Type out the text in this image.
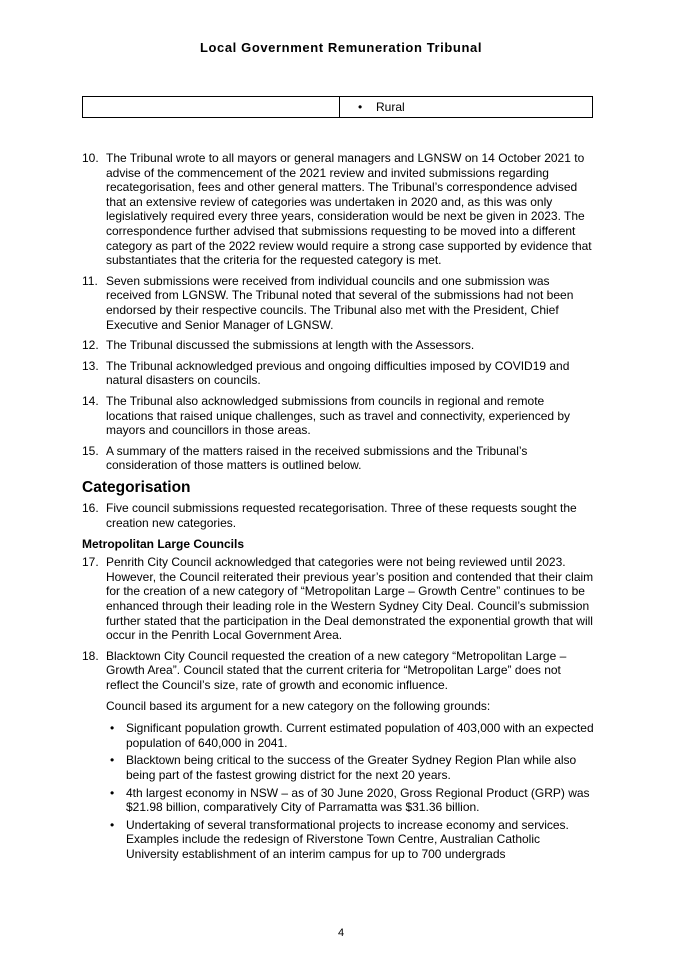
Local Government Remuneration Tribunal
• Rural
10. The Tribunal wrote to all mayors or general managers and LGNSW on 14 October 2021 to advise of the commencement of the 2021 review and invited submissions regarding recategorisation, fees and other general matters. The Tribunal’s correspondence advised that an extensive review of categories was undertaken in 2020 and, as this was only legislatively required every three years, consideration would be next be given in 2023. The correspondence further advised that submissions requesting to be moved into a different category as part of the 2022 review would require a strong case supported by evidence that substantiates that the criteria for the requested category is met.
11. Seven submissions were received from individual councils and one submission was received from LGNSW. The Tribunal noted that several of the submissions had not been endorsed by their respective councils. The Tribunal also met with the President, Chief Executive and Senior Manager of LGNSW.
12. The Tribunal discussed the submissions at length with the Assessors.
13. The Tribunal acknowledged previous and ongoing difficulties imposed by COVID19 and natural disasters on councils.
14. The Tribunal also acknowledged submissions from councils in regional and remote locations that raised unique challenges, such as travel and connectivity, experienced by mayors and councillors in those areas.
15. A summary of the matters raised in the received submissions and the Tribunal’s consideration of those matters is outlined below.
Categorisation
16. Five council submissions requested recategorisation. Three of these requests sought the creation new categories.
Metropolitan Large Councils
17. Penrith City Council acknowledged that categories were not being reviewed until 2023. However, the Council reiterated their previous year’s position and contended that their claim for the creation of a new category of “Metropolitan Large – Growth Centre” continues to be enhanced through their leading role in the Western Sydney City Deal. Council’s submission further stated that the participation in the Deal demonstrated the exponential growth that will occur in the Penrith Local Government Area.
18. Blacktown City Council requested the creation of a new category “Metropolitan Large – Growth Area”. Council stated that the current criteria for “Metropolitan Large” does not reflect the Council’s size, rate of growth and economic influence.
Council based its argument for a new category on the following grounds:
• Significant population growth. Current estimated population of 403,000 with an expected population of 640,000 in 2041.
• Blacktown being critical to the success of the Greater Sydney Region Plan while also being part of the fastest growing district for the next 20 years.
• 4th largest economy in NSW – as of 30 June 2020, Gross Regional Product (GRP) was $21.98 billion, comparatively City of Parramatta was $31.36 billion.
• Undertaking of several transformational projects to increase economy and services. Examples include the redesign of Riverstone Town Centre, Australian Catholic University establishment of an interim campus for up to 700 undergrads
4
